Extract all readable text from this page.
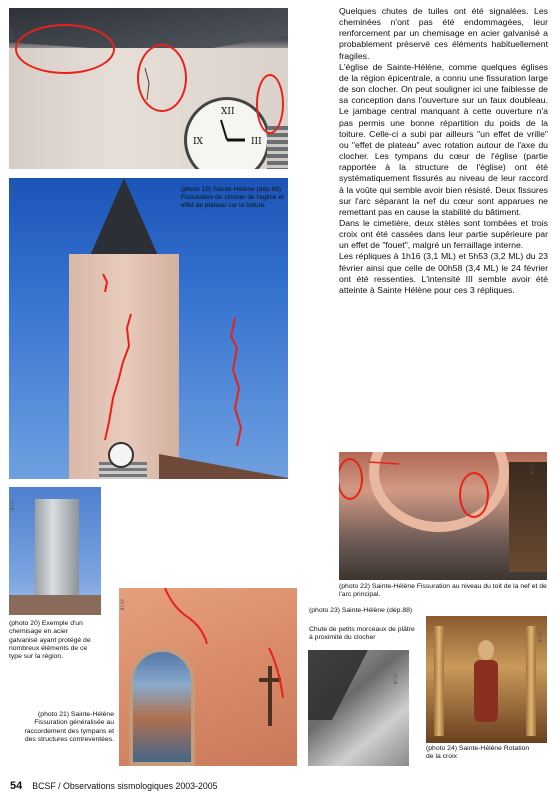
XII
III
IX
BCSF
(photo 19) Sainte-Hélène (dép.88) Fissuration du clocher de l'église et effet de plateau sur la toiture.
BCSF
BCSF
(photo 20) Exemple d'un chemisage en acier galvanisé ayant protégé de nombreux éléments de ce type sur la région.
BCSF
(photo 21) Sainte-Hélène Fissuration généralisée au raccordement des tympans et des structures contreventées.
BCSF
(photo 22) Sainte-Hélène Fissuration au niveau du toit de la nef et de l'arc principal.
(photo 23) Sainte-Hélène (dép.88)
Chute de petits morceaux de plâtre à proximité du clocher
BCSF
BCSF
(photo 24) Sainte-Hélène Rotation de la croix

Quelques chutes de tuiles ont été signalées. Les cheminées n'ont pas été endommagées, leur renforcement par un chemisage en acier galvanisé a probablement préservé ces éléments habituellement fragiles.

L'église de Sainte-Hélène, comme quelques églises de la région épicentrale, a connu une fissuration large de son clocher. On peut souligner ici une faiblesse de sa conception dans l'ouverture sur un faux doubleau. Le jambage central manquant à cette ouverture n'a pas permis une bonne répartition du poids de la toiture. Celle-ci a subi par ailleurs "un effet de vrille" ou "effet de plateau" avec rotation autour de l'axe du clocher. Les tympans du cœur de l'église (partie rapportée à la structure de l'église) ont été systématiquement fissurés au niveau de leur raccord à la voûte qui semble avoir bien résisté. Deux fissures sur l'arc séparant la nef du cœur sont apparues ne remettant pas en cause la stabilité du bâtiment.

Dans le cimetière, deux stèles sont tombées et trois croix ont été cassées dans leur partie supérieure par un effet de "fouet", malgré un ferraillage interne.

Les répliques à 1h16 (3,1 ML) et 5h53 (3,2 ML) du 23 février ainsi que celle de 00h58 (3,4 ML) le 24 février ont été ressenties. L'intensité III semble avoir été atteinte à Sainte Hélène pour ces 3 répliques.

54 BCSF / Observations sismologiques 2003-2005
